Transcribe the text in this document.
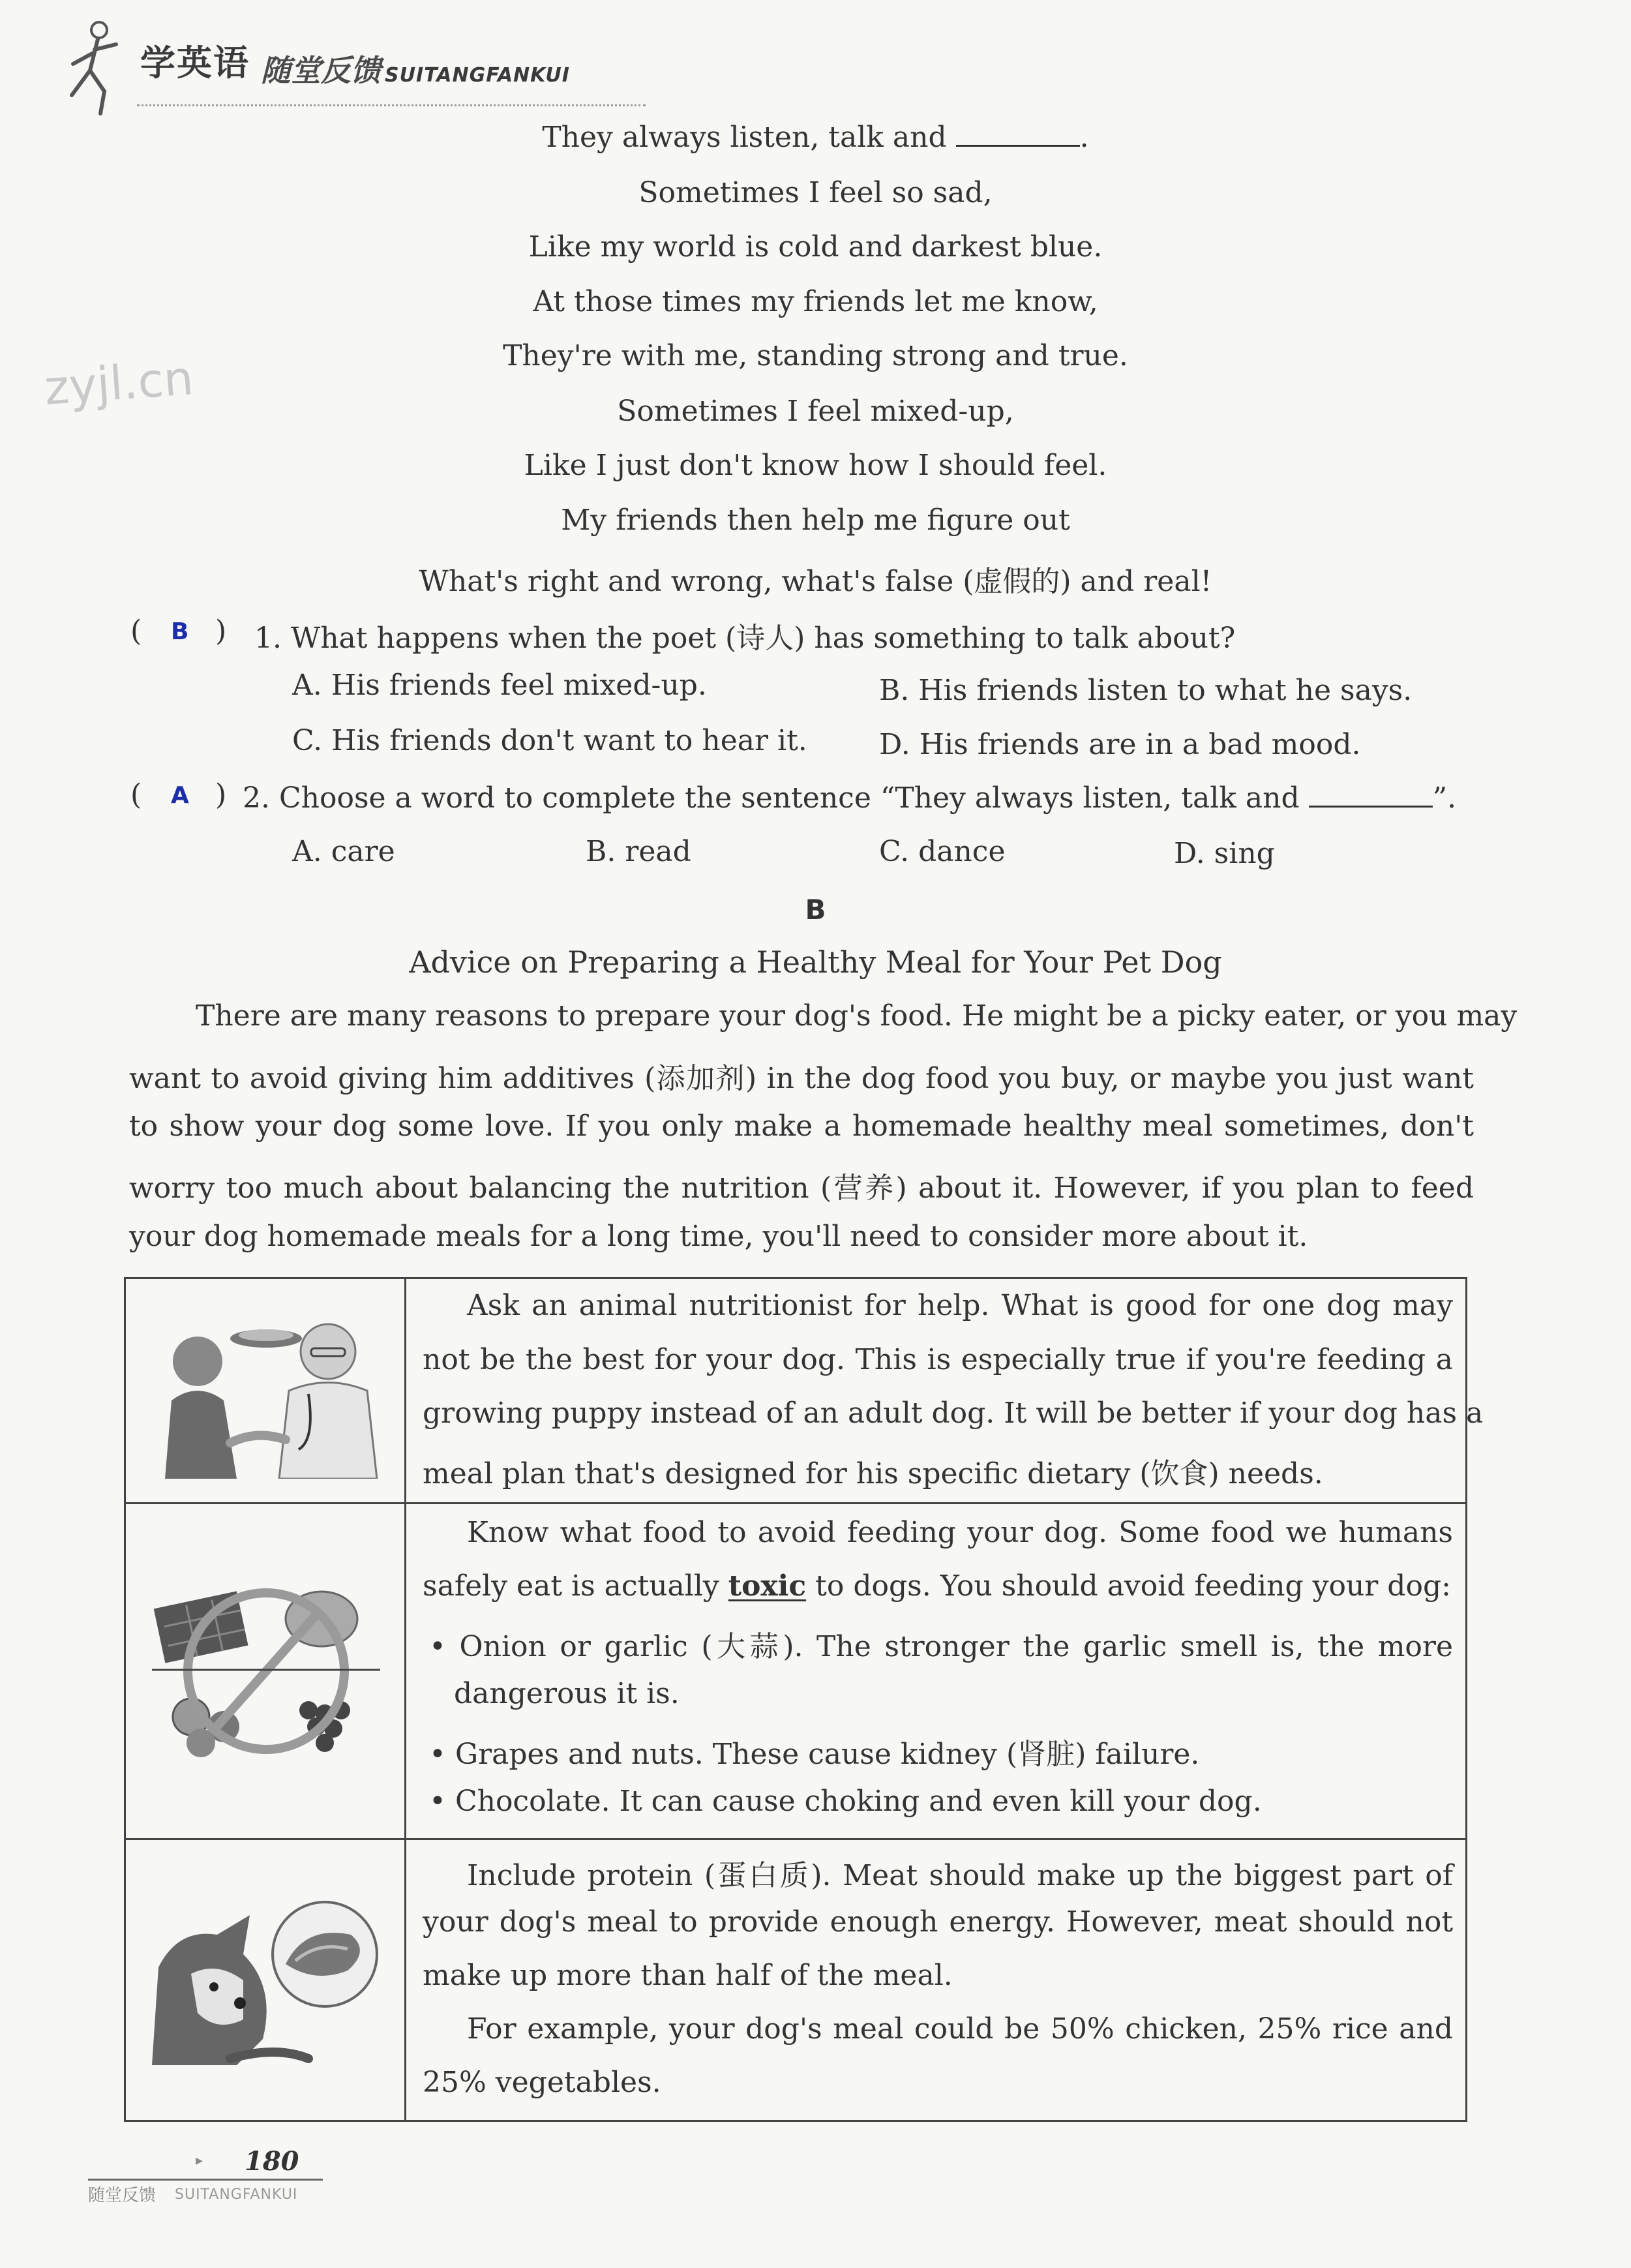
学英语 随堂反馈 SUITANGFANKUI
zyjl.cn
They always listen, talk and	.
Sometimes I feel so sad,
Like my world is cold and darkest blue.
At those times my friends let me know,
They're with me, standing strong and true.
Sometimes I feel mixed-up,
Like I just don't know how I should feel.
My friends then help me figure out
What's right and wrong, what's false (虚假的) and real!
( B ) 1. What happens when the poet (诗人) has something to talk about?
A. His friends feel mixed-up.	B. His friends listen to what he says.
C. His friends don't want to hear it.	D. His friends are in a bad mood.
( A ) 2. Choose a word to complete the sentence “They always listen, talk and	”.
A. care	B. read	C. dance	D. sing
B
Advice on Preparing a Healthy Meal for Your Pet Dog
There are many reasons to prepare your dog's food. He might be a picky eater, or you may
want to avoid giving him additives (添加剂) in the dog food you buy, or maybe you just want
to show your dog some love. If you only make a homemade healthy meal sometimes, don't
worry too much about balancing the nutrition (营养) about it. However, if you plan to feed
your dog homemade meals for a long time, you'll need to consider more about it.
Ask an animal nutritionist for help. What is good for one dog may
not be the best for your dog. This is especially true if you're feeding a
growing puppy instead of an adult dog. It will be better if your dog has a
meal plan that's designed for his specific dietary (饮食) needs.
Know what food to avoid feeding your dog. Some food we humans
safely eat is actually toxic to dogs. You should avoid feeding your dog:
• Onion or garlic (大蒜). The stronger the garlic smell is, the more
dangerous it is.
• Grapes and nuts. These cause kidney (肾脏) failure.
• Chocolate. It can cause choking and even kill your dog.
Include protein (蛋白质). Meat should make up the biggest part of
your dog's meal to provide enough energy. However, meat should not
make up more than half of the meal.
For example, your dog's meal could be 50% chicken, 25% rice and
25% vegetables.
▸ 180
随堂反馈 SUITANGFANKUI
